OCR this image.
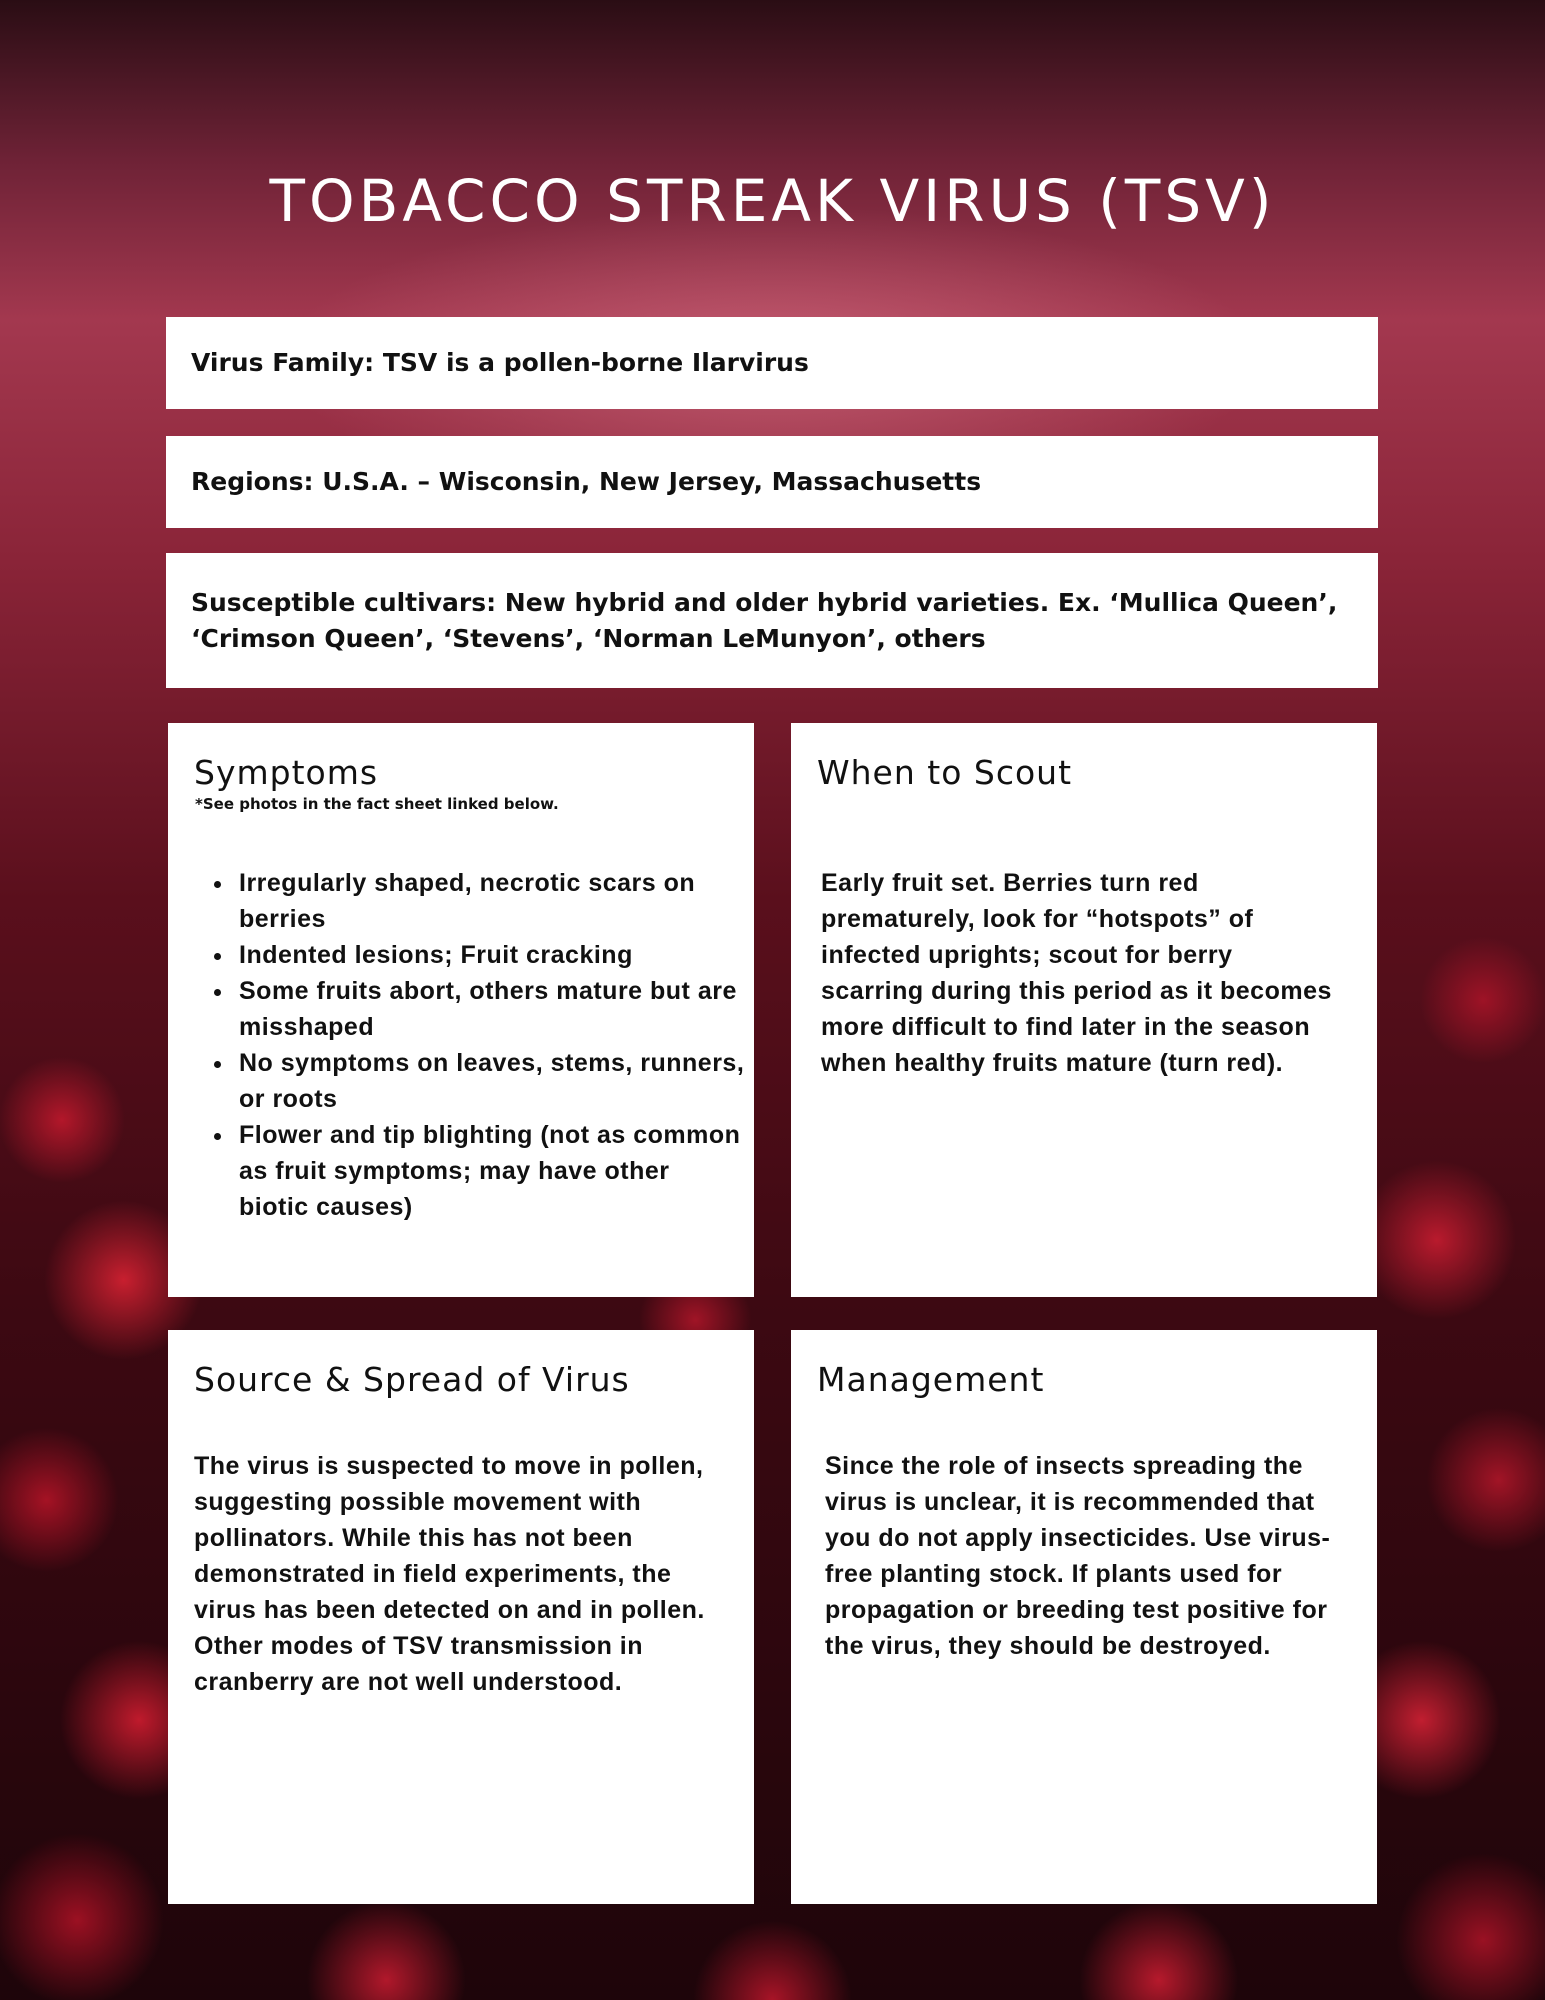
TOBACCO STREAK VIRUS (TSV)
Virus Family: TSV is a pollen-borne Ilarvirus
Regions: U.S.A. – Wisconsin, New Jersey, Massachusetts
Susceptible cultivars: New hybrid and older hybrid varieties. Ex. ‘Mullica Queen’, ‘Crimson Queen’, ‘Stevens’, ‘Norman LeMunyon’, others
Symptoms
*See photos in the fact sheet linked below.
• Irregularly shaped, necrotic scars on berries
• Indented lesions; Fruit cracking
• Some fruits abort, others mature but are misshaped
• No symptoms on leaves, stems, runners, or roots
• Flower and tip blighting (not as common as fruit symptoms; may have other biotic causes)
When to Scout

Early fruit set. Berries turn red prematurely, look for “hotspots” of infected uprights; scout for berry scarring during this period as it becomes more difficult to find later in the season when healthy fruits mature (turn red).

Source & Spread of Virus

The virus is suspected to move in pollen, suggesting possible movement with pollinators. While this has not been demonstrated in field experiments, the virus has been detected on and in pollen. Other modes of TSV transmission in cranberry are not well understood.

Management

Since the role of insects spreading the virus is unclear, it is recommended that you do not apply insecticides. Use virus-free planting stock. If plants used for propagation or breeding test positive for the virus, they should be destroyed.
